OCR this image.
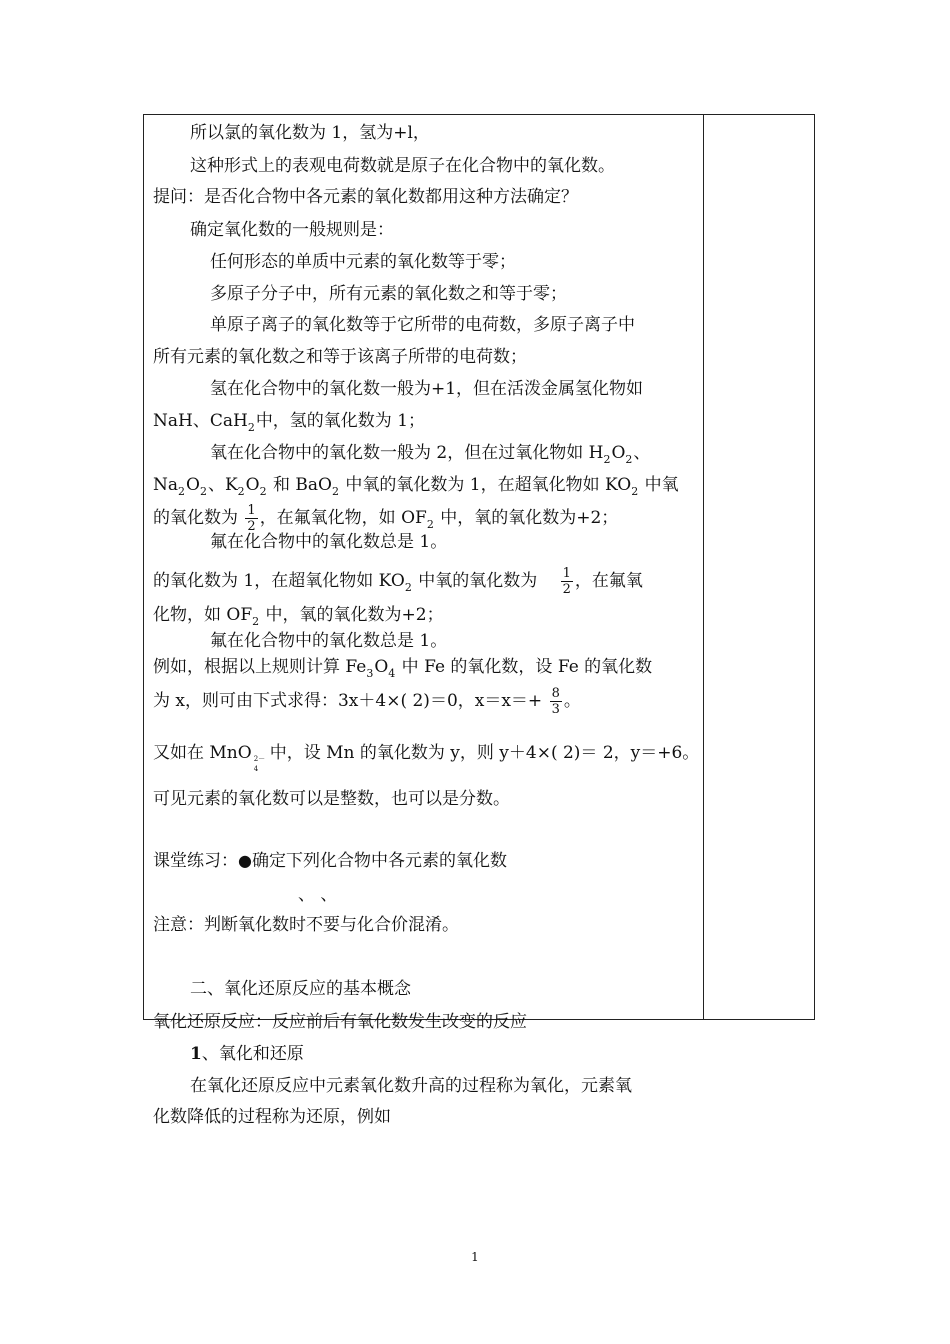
所以氯的氧化数为 1，氢为+l，
这种形式上的表观电荷数就是原子在化合物中的氧化数。
提问：是否化合物中各元素的氧化数都用这种方法确定？
确定氧化数的一般规则是：
任何形态的单质中元素的氧化数等于零；
多原子分子中，所有元素的氧化数之和等于零；
单原子离子的氧化数等于它所带的电荷数，多原子离子中
所有元素的氧化数之和等于该离子所带的电荷数；
氢在化合物中的氧化数一般为+1，但在活泼金属氢化物如
NaH、CaH$_2$中，氢的氧化数为 1；
氧在化合物中的氧化数一般为 2，但在过氧化物如 $H_2O_2$、
$Na_2O_2$、$K_2O_2$ 和 BaO$_2$ 中氧的氧化数为 1，在超氧化物如 $KO_2$ 中氧
的氧化数为 $\frac{1}{2}$ ，在氟氧化物，如 $OF_2$ 中，氧的氧化数为+2；
氟在化合物中的氧化数总是 1。
的氧化数为 1，在超氧化物如 $KO_2$ 中氧的氧化数为 $\frac{1}{2}$ ，在氟氧
化物，如 $OF_2$ 中，氧的氧化数为+2；
氟在化合物中的氧化数总是 1。
例如，根据以上规则计算 $Fe_3O_4$ 中 Fe 的氧化数，设 Fe 的氧化数
为 x，则可由下式求得：3x＋4×( 2)＝0，$x=x=+ \frac{8}{3}$ 。
又如在 MnO 2－
4
中，设 Mn 的氧化数为 y，则 y＋4×( 2)＝ 2，y＝+6。
可见元素的氧化数可以是整数，也可以是分数。
课堂练习：●确定下列化合物中各元素的氧化数
、 、
注意：判断氧化数时不要与化合价混淆。
二、氧化还原反应的基本概念
氧化还原反应：反应前后有氧化数发生改变的反应
1、氧化和还原
在氧化还原反应中元素氧化数升高的过程称为氧化，元素氧
化数降低的过程称为还原，例如
1
